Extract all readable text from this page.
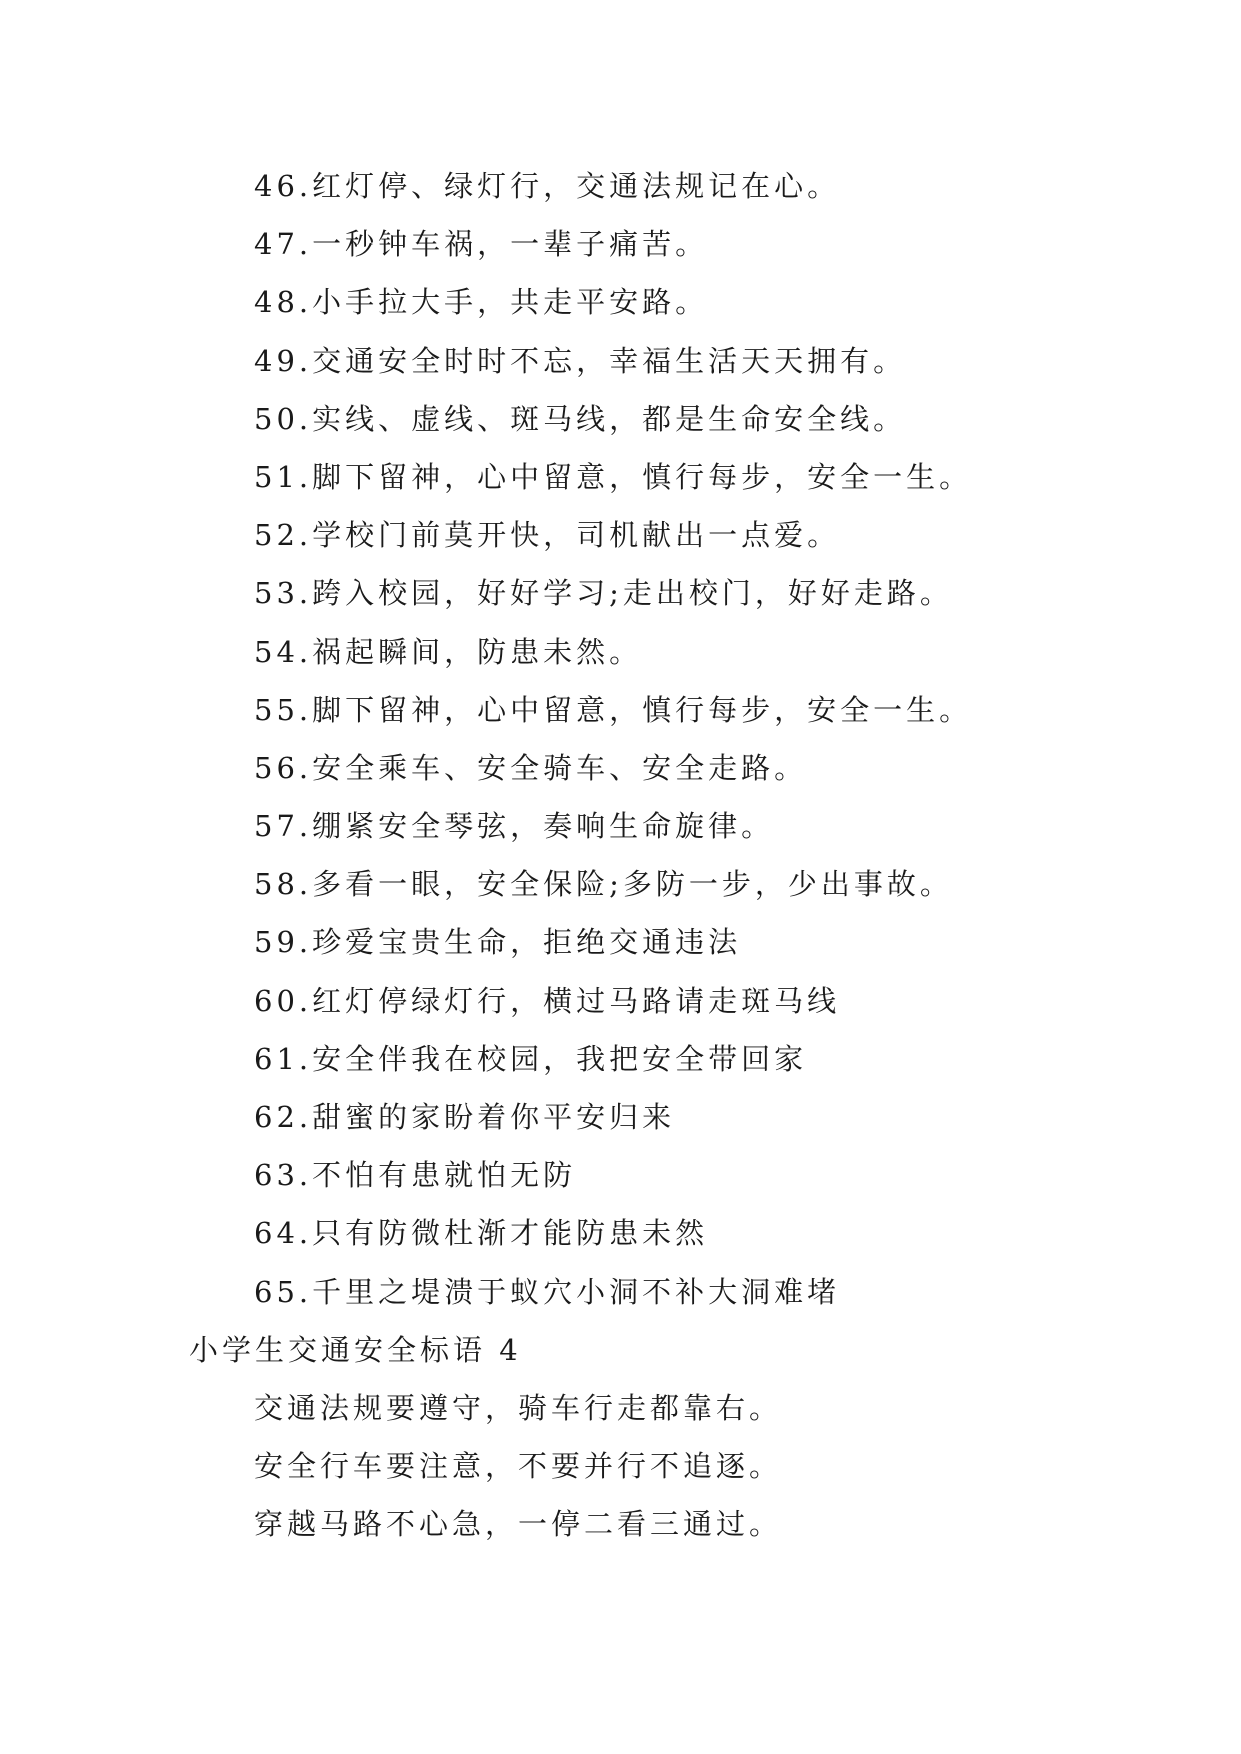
46.红灯停、绿灯行，交通法规记在心。
47.一秒钟车祸，一辈子痛苦。
48.小手拉大手，共走平安路。
49.交通安全时时不忘，幸福生活天天拥有。
50.实线、虚线、斑马线，都是生命安全线。
51.脚下留神，心中留意，慎行每步，安全一生。
52.学校门前莫开快，司机献出一点爱。
53.跨入校园，好好学习;走出校门，好好走路。
54.祸起瞬间，防患未然。
55.脚下留神，心中留意，慎行每步，安全一生。
56.安全乘车、安全骑车、安全走路。
57.绷紧安全琴弦，奏响生命旋律。
58.多看一眼，安全保险;多防一步，少出事故。
59.珍爱宝贵生命，拒绝交通违法
60.红灯停绿灯行，横过马路请走斑马线
61.安全伴我在校园，我把安全带回家
62.甜蜜的家盼着你平安归来
63.不怕有患就怕无防
64.只有防微杜渐才能防患未然
65.千里之堤溃于蚁穴小洞不补大洞难堵
小学生交通安全标语 4
交通法规要遵守，骑车行走都靠右。
安全行车要注意，不要并行不追逐。
穿越马路不心急，一停二看三通过。
